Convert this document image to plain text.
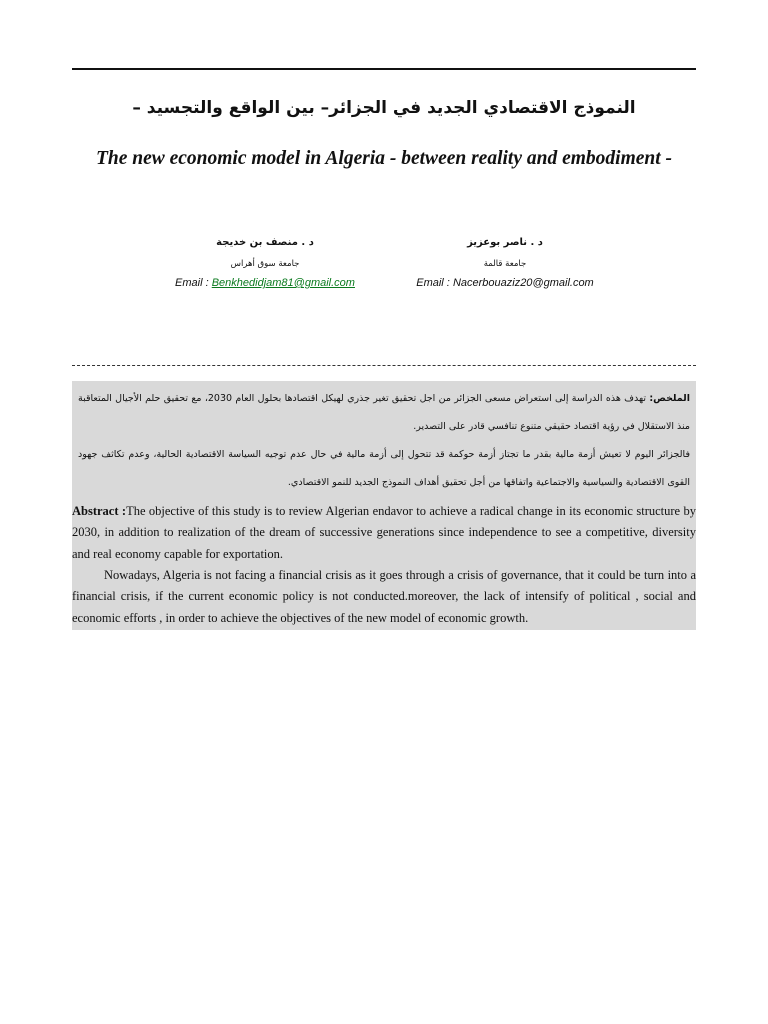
النموذج الاقتصادي الجديد في الجزائر– بين الواقع والتجسيد –
The new economic model in Algeria - between reality and embodiment -
د . منصف بن خديجة
جامعة سوق أهراس
Email : Benkhedidjam81@gmail.com
د . ناصر بوعزيز
جامعة قالمة
Email : Nacerbouaziz20@gmail.com
الملخص: تهدف هذه الدراسة إلى استعراض مسعى الجزائر من اجل تحقيق تغير جذري لهيكل اقتصادها بحلول العام 2030، مع تحقيق حلم الأجيال المتعاقبة منذ الاستقلال في رؤية اقتصاد حقيقي متنوع تنافسي قادر على التصدير.
فالجزائر اليوم لا تعيش أزمة مالية بقدر ما تجتاز أزمة حوكمة قد تتحول إلى أزمة مالية في حال عدم توجيه السياسة الاقتصادية الحالية، وعدم تكاثف جهود القوى الاقتصادية والسياسية والاجتماعية واتفاقها من أجل تحقيق أهداف النموذج الجديد للنمو الاقتصادي.
Abstract :The objective of this study is to review Algerian endavor to achieve a radical change in its economic structure by 2030, in addition to realization of the dream of successive generations since independence to see a competitive, diversity and real economy capable for exportation.
Nowadays, Algeria is not facing a financial crisis as it goes through a crisis of governance, that it could be turn into a financial crisis, if the current economic policy is not conducted.moreover, the lack of intensify of political , social and economic efforts , in order to achieve the objectives of the new model of economic growth.
